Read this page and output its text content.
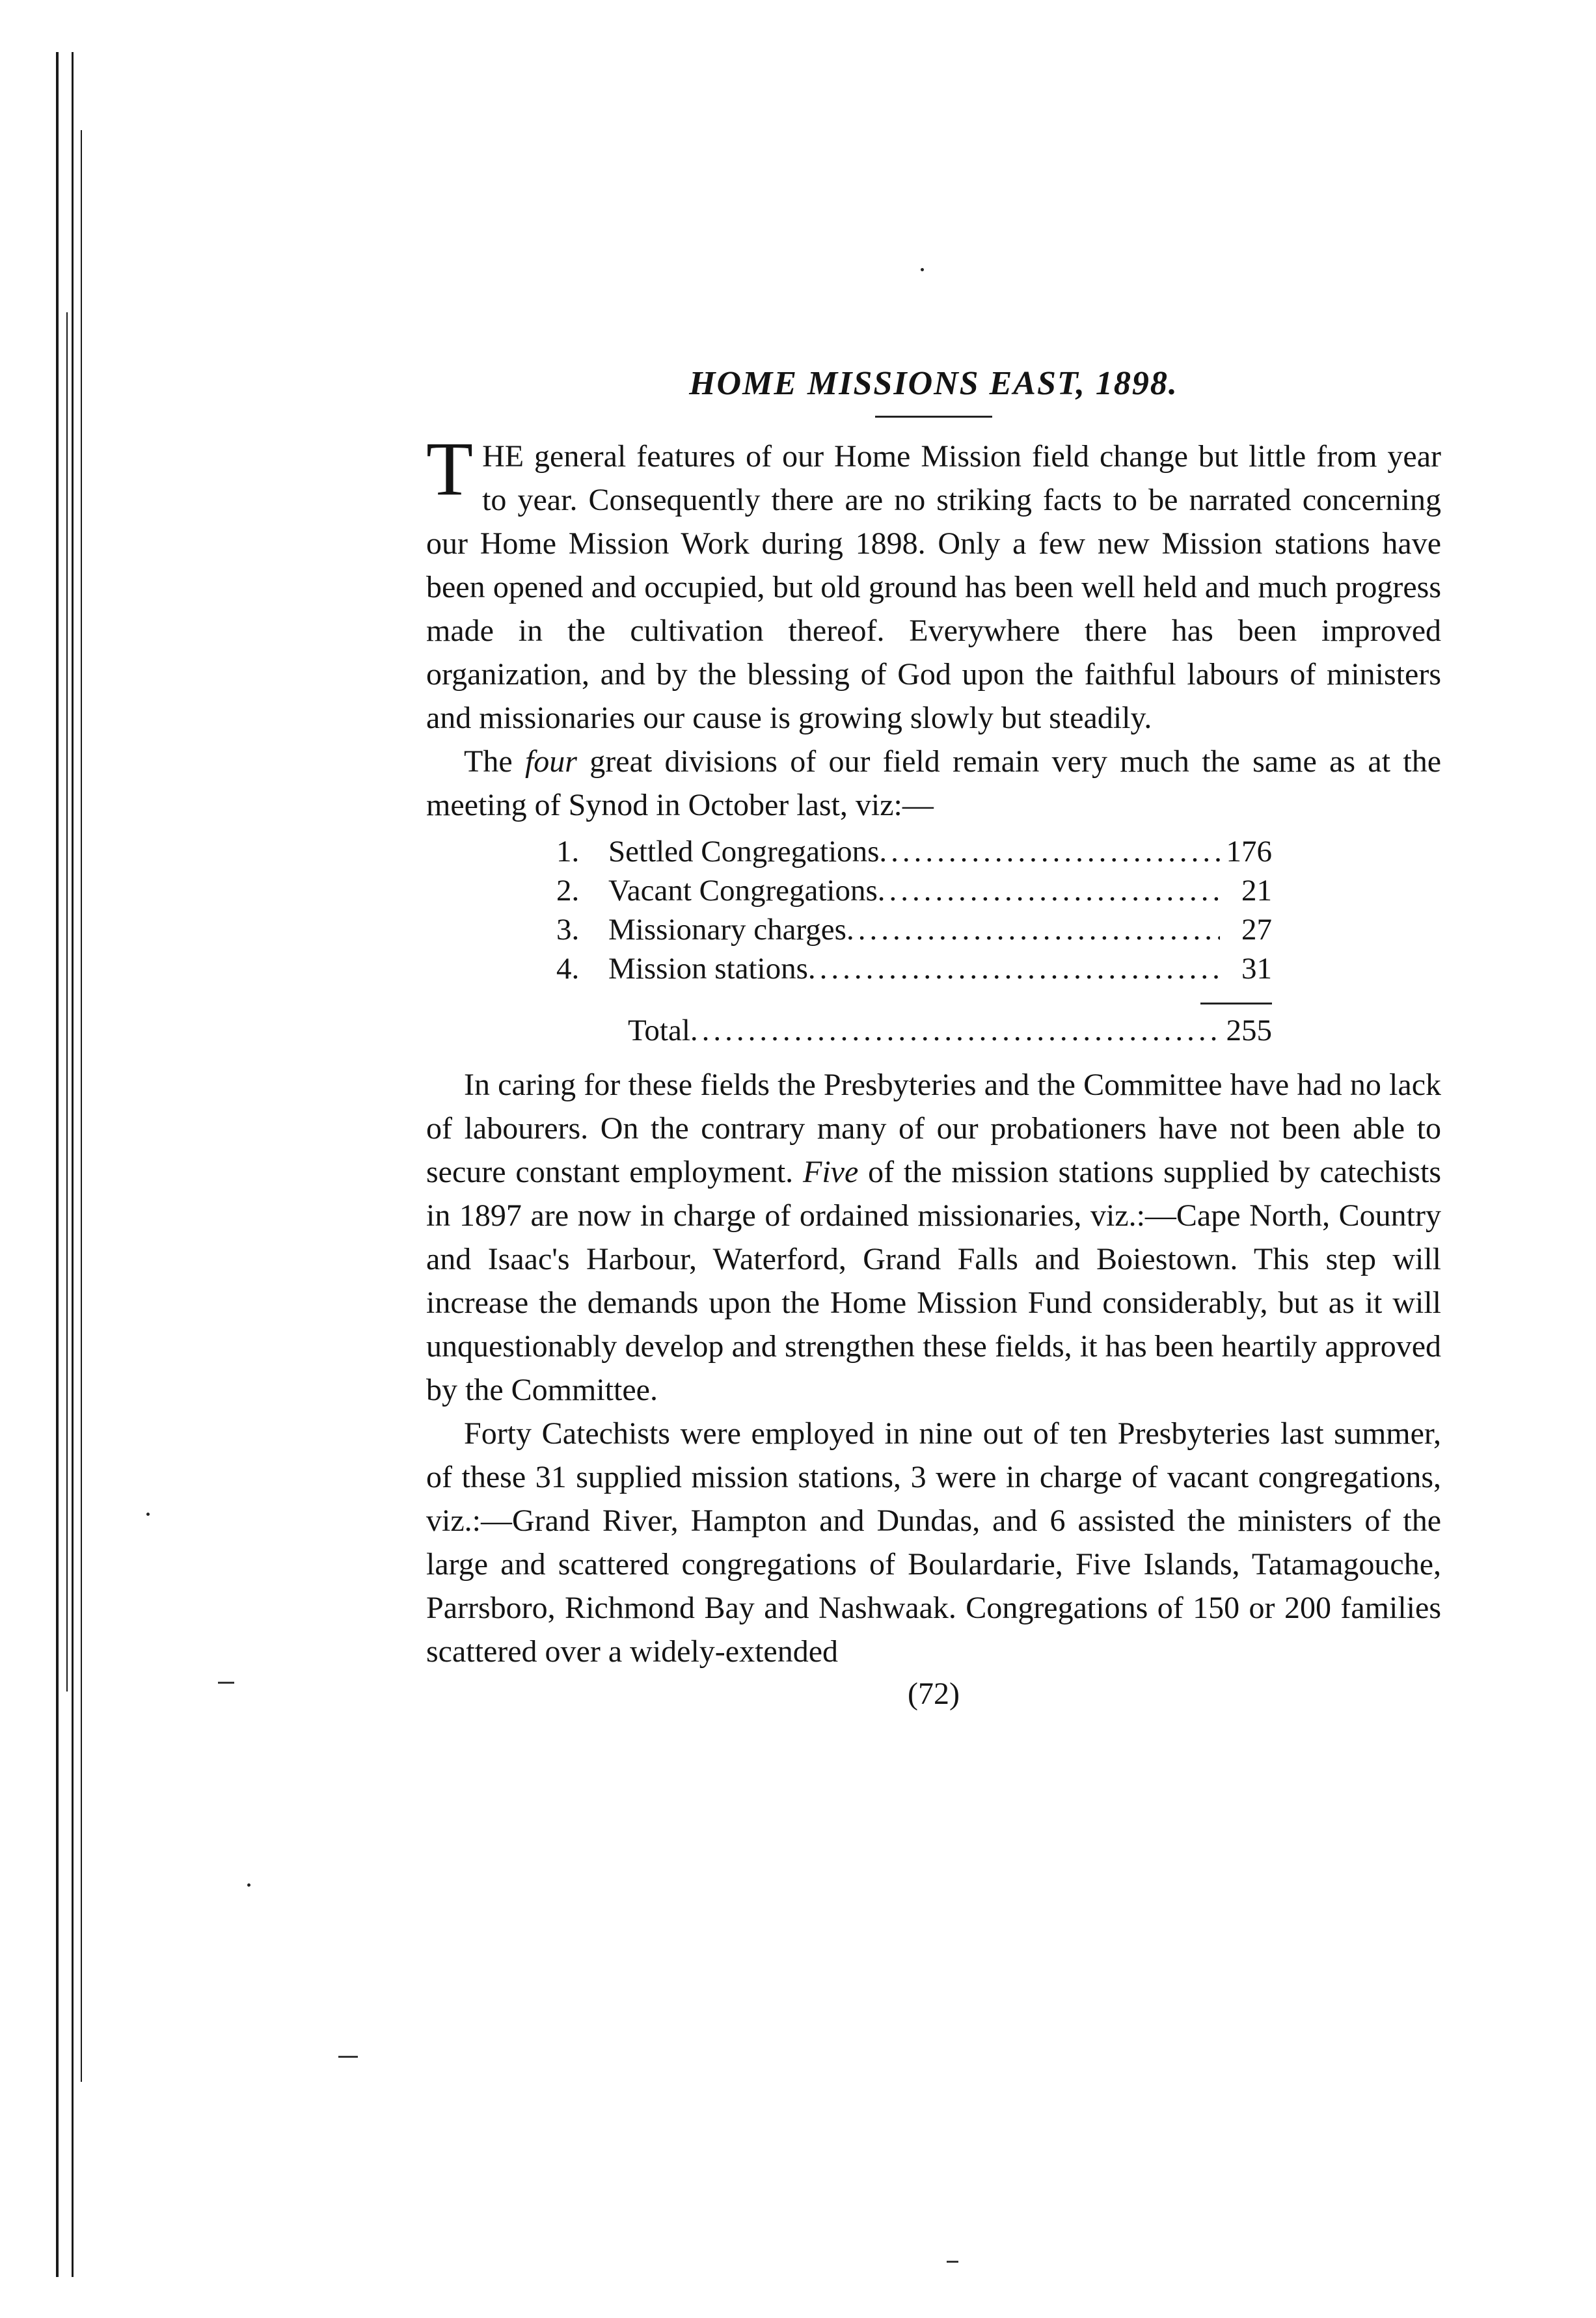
HOME MISSIONS EAST, 1898.

THE general features of our Home Mission field change but little from year to year. Consequently there are no striking facts to be narrated concerning our Home Mission Work during 1898. Only a few new Mission stations have been opened and occupied, but old ground has been well held and much progress made in the cultivation thereof. Everywhere there has been improved organization, and by the blessing of God upon the faithful labours of ministers and missionaries our cause is growing slowly but steadily.

The four great divisions of our field remain very much the same as at the meeting of Synod in October last, viz:—

1. Settled Congregations .....	176
2. Vacant Congregations .....	21
3. Missionary charges .....	27
4. Mission stations .....	31
Total .....	255

In caring for these fields the Presbyteries and the Committee have had no lack of labourers. On the contrary many of our probationers have not been able to secure constant employment. Five of the mission stations supplied by catechists in 1897 are now in charge of ordained missionaries, viz.:—Cape North, Country and Isaac's Harbour, Waterford, Grand Falls and Boiestown. This step will increase the demands upon the Home Mission Fund considerably, but as it will unquestionably develop and strengthen these fields, it has been heartily approved by the Committee.

Forty Catechists were employed in nine out of ten Presbyteries last summer, of these 31 supplied mission stations, 3 were in charge of vacant congregations, viz.:—Grand River, Hampton and Dundas, and 6 assisted the ministers of the large and scattered congregations of Boulardarie, Five Islands, Tatamagouche, Parrsboro, Richmond Bay and Nashwaak. Congregations of 150 or 200 families scattered over a widely-extended

(72)
